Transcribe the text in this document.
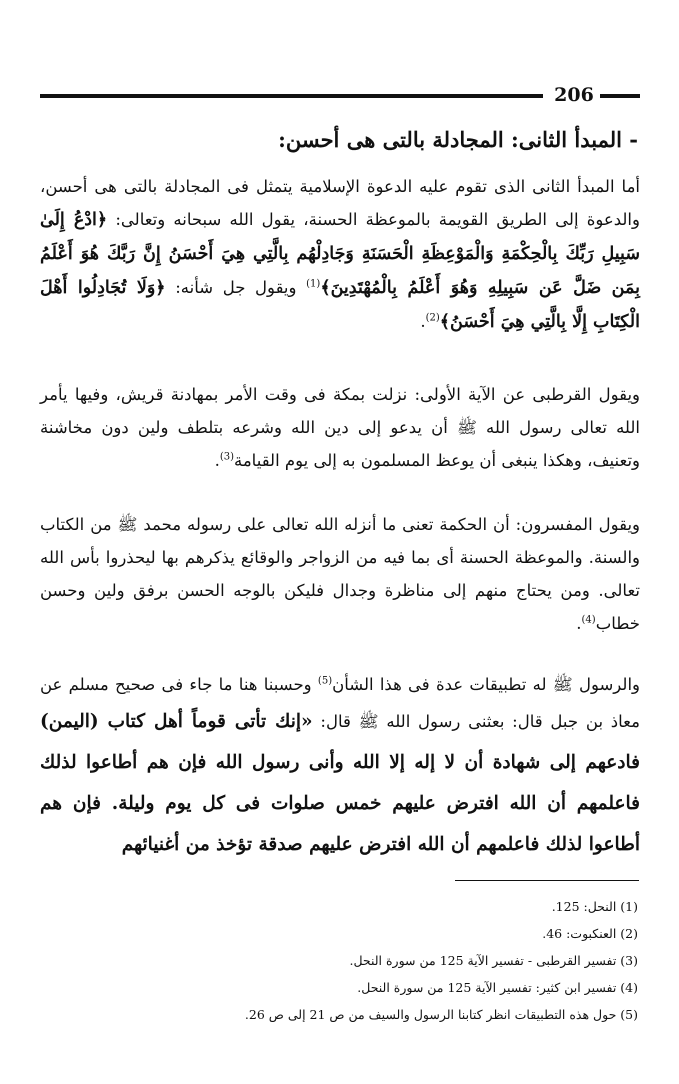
206
- المبدأ الثانى: المجادلة بالتى هى أحسن:
أما المبدأ الثانى الذى تقوم عليه الدعوة الإسلامية يتمثل فى المجادلة بالتى هى أحسن، والدعوة إلى الطريق القويمة بالموعظة الحسنة، يقول الله سبحانه وتعالى: ﴿ادْعُ إِلَىٰ سَبِيلِ رَبِّكَ بِالْحِكْمَةِ وَالْمَوْعِظَةِ الْحَسَنَةِ وَجَادِلْهُم بِالَّتِي هِيَ أَحْسَنُ إِنَّ رَبَّكَ هُوَ أَعْلَمُ بِمَن ضَلَّ عَن سَبِيلِهِ وَهُوَ أَعْلَمُ بِالْمُهْتَدِينَ﴾$^{(1)}$ ويقول جل شأنه: ﴿وَلَا تُجَادِلُوا أَهْلَ الْكِتَابِ إِلَّا بِالَّتِي هِيَ أَحْسَنُ﴾$^{(2)}$.
ويقول القرطبى عن الآية الأولى: نزلت بمكة فى وقت الأمر بمهادنة قريش، وفيها يأمر الله تعالى رسول الله ﷺ أن يدعو إلى دين الله وشرعه بتلطف ولين دون مخاشنة وتعنيف، وهكذا ينبغى أن يوعظ المسلمون به إلى يوم القيامة$^{(3)}$.
ويقول المفسرون: أن الحكمة تعنى ما أنزله الله تعالى على رسوله محمد ﷺ من الكتاب والسنة. والموعظة الحسنة أى بما فيه من الزواجر والوقائع يذكرهم بها ليحذروا بأس الله تعالى. ومن يحتاج منهم إلى مناظرة وجدال فليكن بالوجه الحسن برفق ولين وحسن خطاب$^{(4)}$.
والرسول ﷺ له تطبيقات عدة فى هذا الشأن$^{(5)}$ وحسبنا هنا ما جاء فى صحيح مسلم عن معاذ بن جبل قال: بعثنى رسول الله ﷺ قال: «إنك تأتى قوماً أهل كتاب (اليمن) فادعهم إلى شهادة أن لا إله إلا الله وأنى رسول الله فإن هم أطاعوا لذلك فاعلمهم أن الله افترض عليهم خمس صلوات فى كل يوم وليلة. فإن هم أطاعوا لذلك فاعلمهم أن الله افترض عليهم صدقة تؤخذ من أغنيائهم
(1) النحل: 125.
(2) العنكبوت: 46.
(3) تفسير القرطبى - تفسير الآية 125 من سورة النحل.
(4) تفسير ابن كثير: تفسير الآية 125 من سورة النحل.
(5) حول هذه التطبيقات انظر كتابنا الرسول والسيف من ص 21 إلى ص 26.
